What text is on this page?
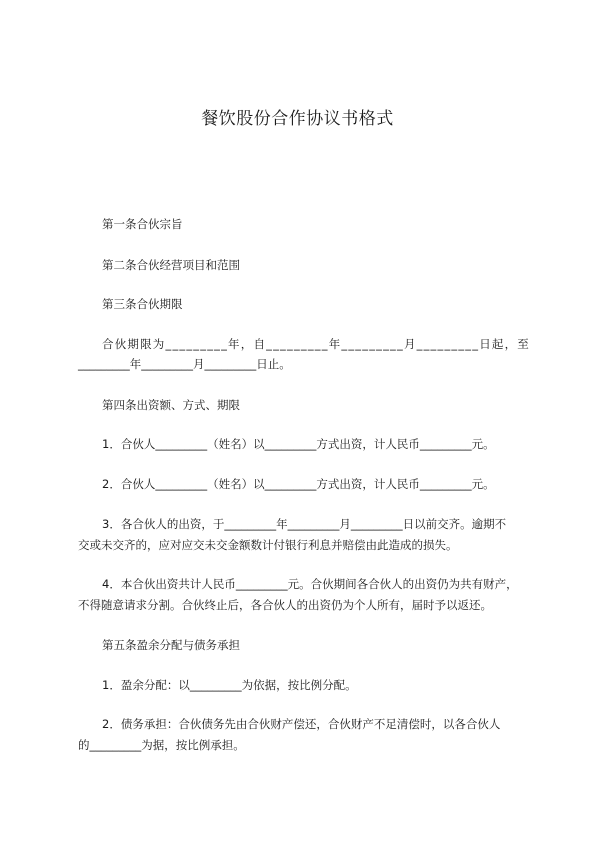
餐饮股份合作协议书格式
第一条合伙宗旨
第二条合伙经营项目和范围
第三条合伙期限
合伙期限为_________年，自_________年_________月_________日起，至
_________年_________月_________日止。
第四条出资额、方式、期限
1．合伙人_________（姓名）以_________方式出资，计人民币_________元。
2．合伙人_________（姓名）以_________方式出资，计人民币_________元。
3．各合伙人的出资，于_________年_________月_________日以前交齐。逾期不
交或未交齐的，应对应交未交金额数计付银行利息并赔偿由此造成的损失。
4．本合伙出资共计人民币_________元。合伙期间各合伙人的出资仍为共有财产，
不得随意请求分割。合伙终止后，各合伙人的出资仍为个人所有，届时予以返还。
第五条盈余分配与债务承担
1．盈余分配：以_________为依据，按比例分配。
2．债务承担：合伙债务先由合伙财产偿还，合伙财产不足清偿时，以各合伙人
的_________为据，按比例承担。
